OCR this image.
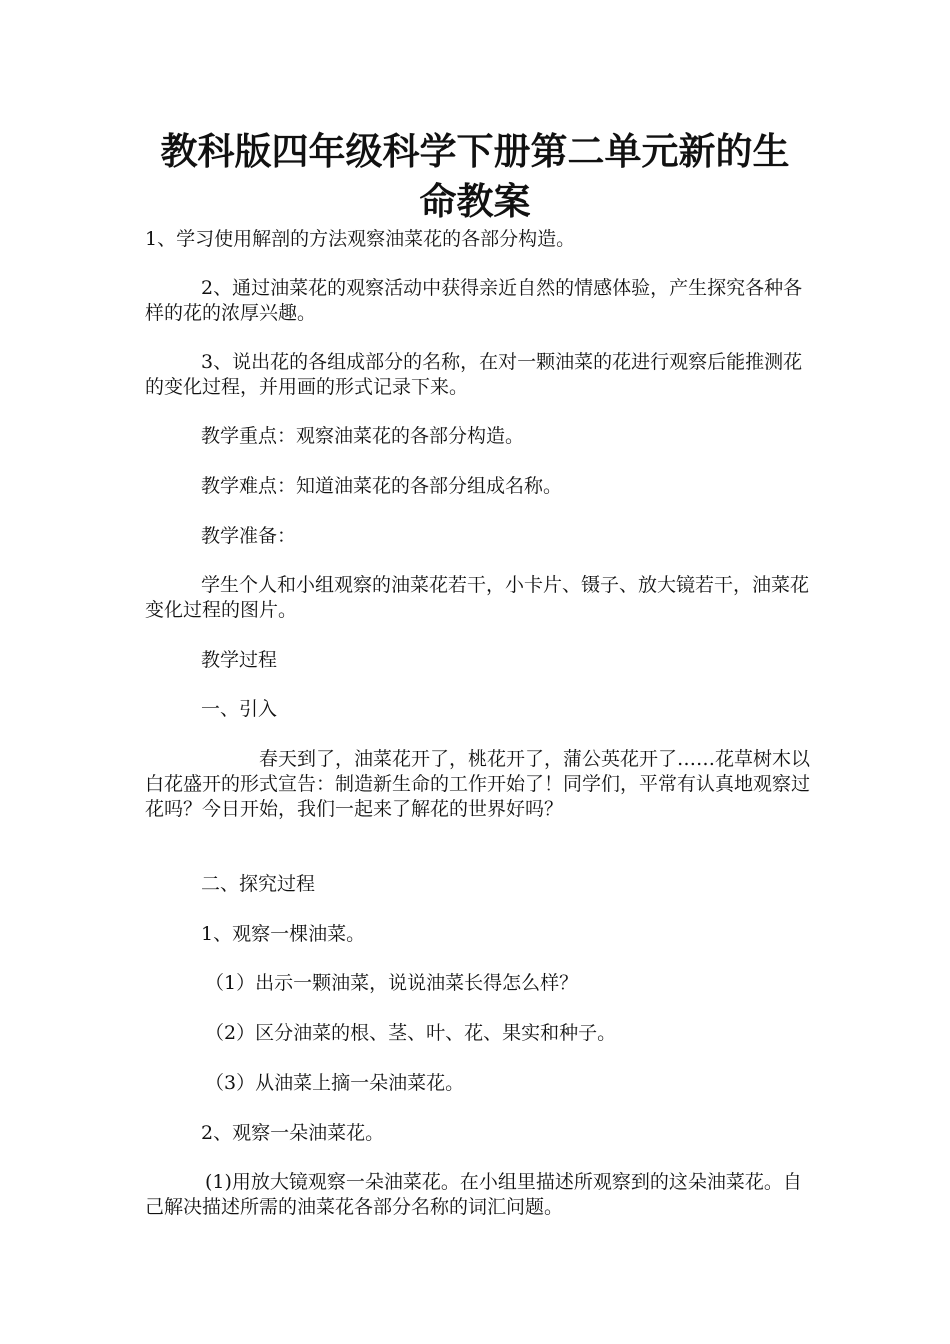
教科版四年级科学下册第二单元新的生命教案

1、学习使用解剖的方法观察油菜花的各部分构造。

2、通过油菜花的观察活动中获得亲近自然的情感体验，产生探究各种各样的花的浓厚兴趣。

3、说出花的各组成部分的名称，在对一颗油菜的花进行观察后能推测花的变化过程，并用画的形式记录下来。

教学重点：观察油菜花的各部分构造。

教学难点：知道油菜花的各部分组成名称。

教学准备：

学生个人和小组观察的油菜花若干，小卡片、镊子、放大镜若干，油菜花变化过程的图片。

教学过程

一、引入

春天到了，油菜花开了，桃花开了，蒲公英花开了……花草树木以白花盛开的形式宣告：制造新生命的工作开始了！同学们，平常有认真地观察过花吗？今日开始，我们一起来了解花的世界好吗？

二、探究过程

1、观察一棵油菜。

（1）出示一颗油菜，说说油菜长得怎么样？

（2）区分油菜的根、茎、叶、花、果实和种子。

（3）从油菜上摘一朵油菜花。

2、观察一朵油菜花。

(1)用放大镜观察一朵油菜花。在小组里描述所观察到的这朵油菜花。自己解决描述所需的油菜花各部分名称的词汇问题。
